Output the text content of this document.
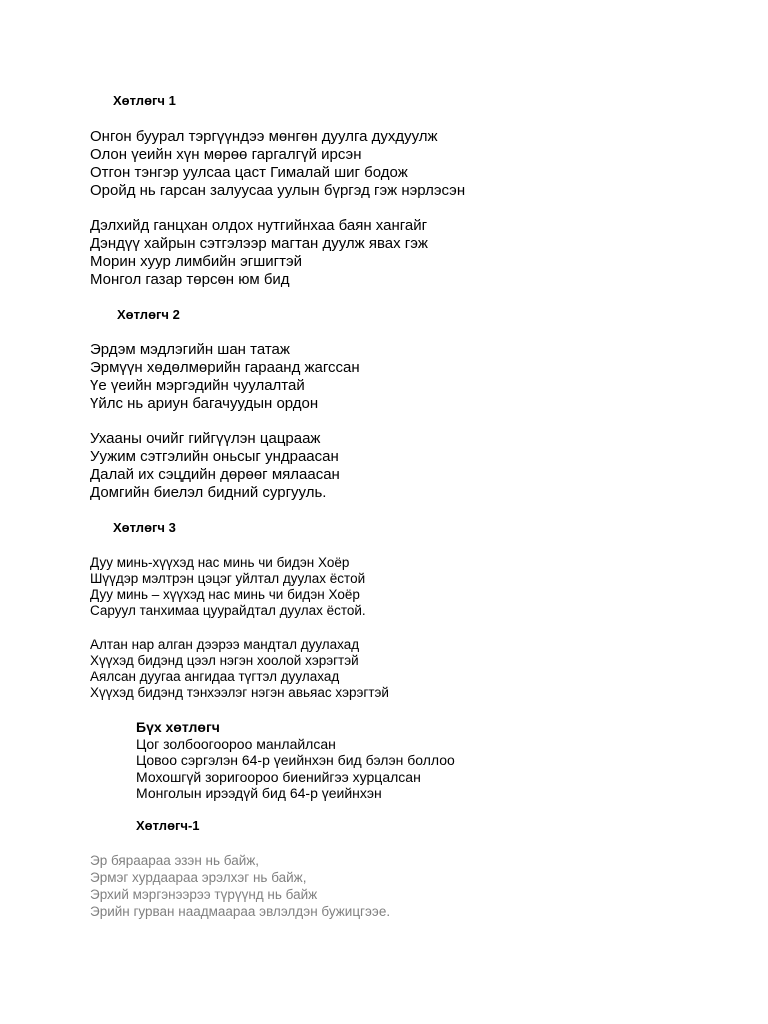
Хөтлөгч 1
Онгон буурал тэргүүндээ мөнгөн дуулга духдуулж
Олон үеийн хүн мөрөө гаргалгүй ирсэн
Отгон тэнгэр уулсаа цаст Гималай шиг бодож
Оройд нь гарсан залуусаа уулын бүргэд гэж нэрлэсэн
Дэлхийд ганцхан олдох нутгийнхаа баян хангайг
Дэндүү хайрын сэтгэлээр магтан дуулж явах гэж
Морин хуур лимбийн эгшигтэй
Монгол газар төрсөн юм бид
Хөтлөгч 2
Эрдэм мэдлэгийн шан татаж
Эрмүүн хөдөлмөрийн гараанд жагссан
Үе үеийн мэргэдийн чуулалтай
Үйлс нь ариун багачуудын ордон
Ухааны очийг гийгүүлэн цацрааж
Уужим сэтгэлийн оньсыг ундраасан
Далай их сэцдийн дөрөөг мялаасан
Домгийн биелэл бидний сургууль.
Хөтлөгч 3
Дуу минь-хүүхэд нас минь чи бидэн Хоёр
Шүүдэр мэлтрэн цэцэг уйлтал дуулах ёстой
Дуу минь – хүүхэд нас минь чи бидэн Хоёр
Саруул танхимаа цуурайдтал дуулах ёстой.
Алтан нар алган дээрээ мандтал дуулахад
Хүүхэд бидэнд цээл нэгэн хоолой хэрэгтэй
Аялсан дуугаа ангидаа түгтэл дуулахад
Хүүхэд бидэнд тэнхээлэг нэгэн авьяас хэрэгтэй
Бүх хөтлөгч
Цог золбоогоороо манлайлсан
Цовоо сэргэлэн 64-р үеийнхэн бид бэлэн боллоо
Мохошгүй зоригоороо биенийгээ хурцалсан
Монголын ирээдүй бид 64-р үеийнхэн
Хөтлөгч-1
Эр бяраараа эзэн нь байж,
Эрмэг хурдаараа эрэлхэг нь байж,
Эрхий мэргэнээрээ түрүүнд нь байж
Эрийн гурван наадмаараа эвлэлдэн бужицгээе.
